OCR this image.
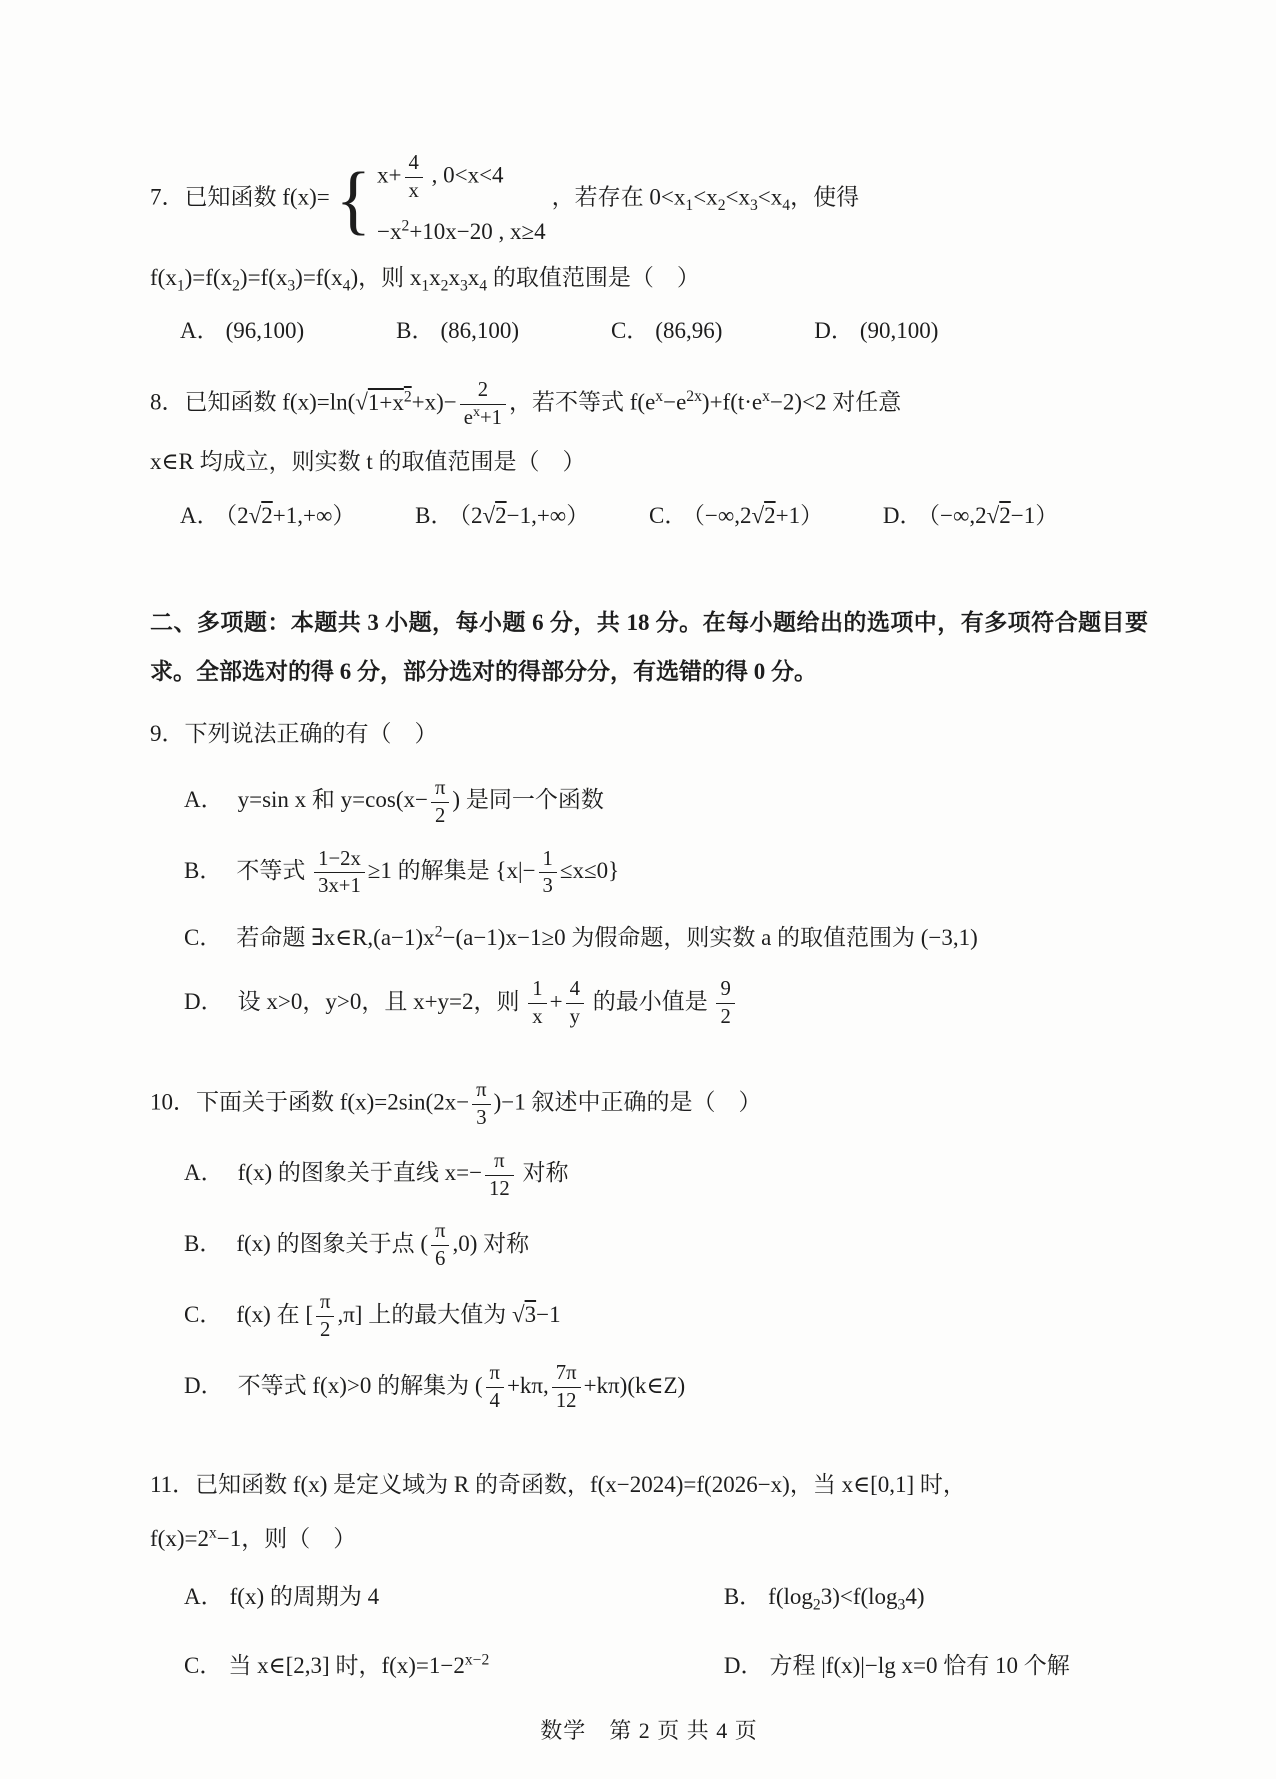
7．已知函数 f(x)= { $x+ \frac{4}{x}$ , 0<x<4
$-x^2+10x-20$ , x≥4
，若存在 $0<x_1<x_2<x_3<x_4$，使得

$f(x_1)=f(x_2)=f(x_3)=f(x_4)$，则 $x_1x_2x_3x_4$ 的取值范围是（　）

A． (96,100)	B． (86,100)	C． (86,96)	D． (90,100)

8．已知函数 $f(x)=\ln(√1+x^2+x)- \frac{2}{e^x+1}$ ，若不等式 $f(e^x-e^{2x})+f(t\cdot e^x-2)<2$ 对任意

x∈R 均成立，则实数 t 的取值范围是（　）

A． （2√2+1,+∞）	B． （2√2−1,+∞）	C． （−∞,2√2+1）	D． （−∞,2√2−1）

二、多项题：本题共 3 小题，每小题 6 分，共 18 分。在每小题给出的选项中，有多项符合题目要求。全部选对的得 6 分，部分选对的得部分分，有选错的得 0 分。

9．下列说法正确的有（　）

A． y=sin x 和 $y=\cos(x- \frac{\pi}{2}$ ) 是同一个函数

B． 不等式 $\frac{1-2x}{3x+1} \ge 1$ 的解集是 $\{x|- \frac{1}{3} \le x\le 0\}$

C． 若命题 $\exists x\in R,(a-1)x^2-(a-1)x-1\ge 0$ 为假命题，则实数 a 的取值范围为 (−3,1)

D． 设 x>0，y>0，且 x+y=2，则 $\frac{1}{x} + \frac{4}{y}$ 的最小值是 $\frac{9}{2}$

10．下面关于函数 $f(x)=2\sin(2x- \frac{\pi}{3} )-1$ 叙述中正确的是（　）

A． f(x) 的图象关于直线 $x=- \frac{\pi}{12}$ 对称

B． f(x) 的图象关于点 ( $\frac{\pi}{6} ,0$) 对称

C． f(x) 在 [ $\frac{\pi}{2} ,\pi$] 上的最大值为 √3−1

D． 不等式 f(x)>0 的解集为 ( $\frac{\pi}{4} +k\pi$, $\frac{7\pi}{12}$ +kπ)(k∈Z)

11．已知函数 f(x) 是定义域为 R 的奇函数，f(x−2024)=f(2026−x)，当 x∈[0,1] 时，

$f(x)=2^x-1$，则（　）

A． f(x) 的周期为 4	B． $f(\log_23)<f(\log_34)$
C． 当 x∈[2,3] 时，$f(x)=1-2^{x-2}$	D． 方程 |f(x)|−lg x=0 恰有 10 个解
数学　第 2 页 共 4 页
